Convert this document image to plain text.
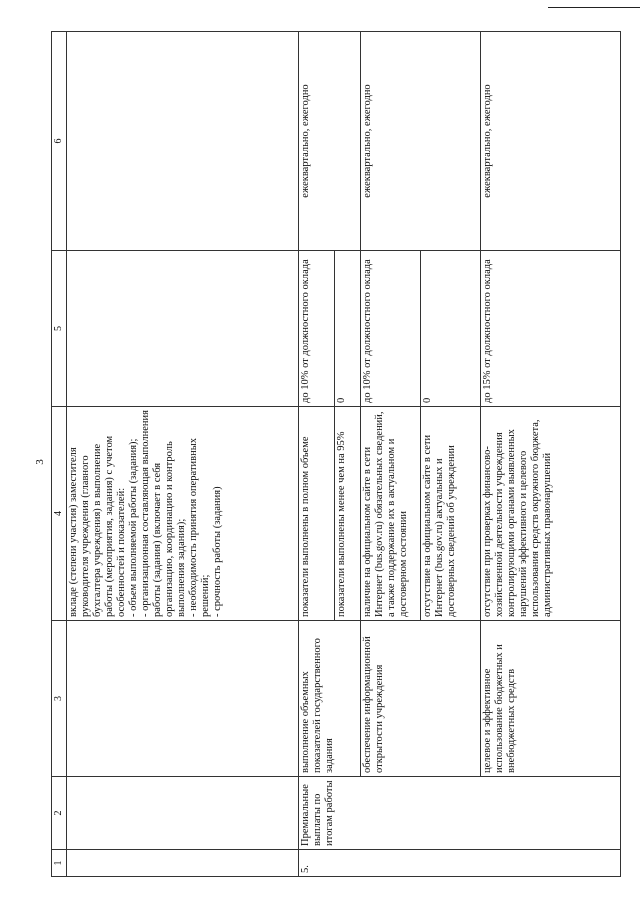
3
1	2	3	4	5	6
			вкладе (степени участия) заместителя руководителя учреждения (главного бухгалтера учреждения) в выполнение работы (мероприятия, задания) с учетом особенностей и показателей:
- объем выполняемой работы (задания);
- организационная составляющая выполнения работы (задания) (включает в себя организацию, координацию и контроль выполнения задания);
- необходимость принятия оперативных решений;
- срочность работы (задания)		
5.	Премиальные выплаты по итогам работы	выполнение объемных показателей государственного задания	показатели выполнены в полном объеме	до 10% от должностного оклада	ежеквартально, ежегодно
			показатели выполнены менее чем на 95%	0	
		обеспечение информационной открытости учреждения	наличие на официальном сайте в сети Интернет (bus.gov.ru) обязательных сведений, а также поддержание их в актуальном и достоверном состоянии	до 10% от должностного оклада	ежеквартально, ежегодно
			отсутствие на официальном сайте в сети Интернет (bus.gov.ru) актуальных и достоверных сведений об учреждении	0	
		целевое и эффективное использование бюджетных и внебюджетных средств	отсутствие при проверках финансово-хозяйственной деятельности учреждения контролирующими органами выявленных нарушений эффективного и целевого использования средств окружного бюджета, административных правонарушений	до 15% от должностного оклада	ежеквартально, ежегодно
